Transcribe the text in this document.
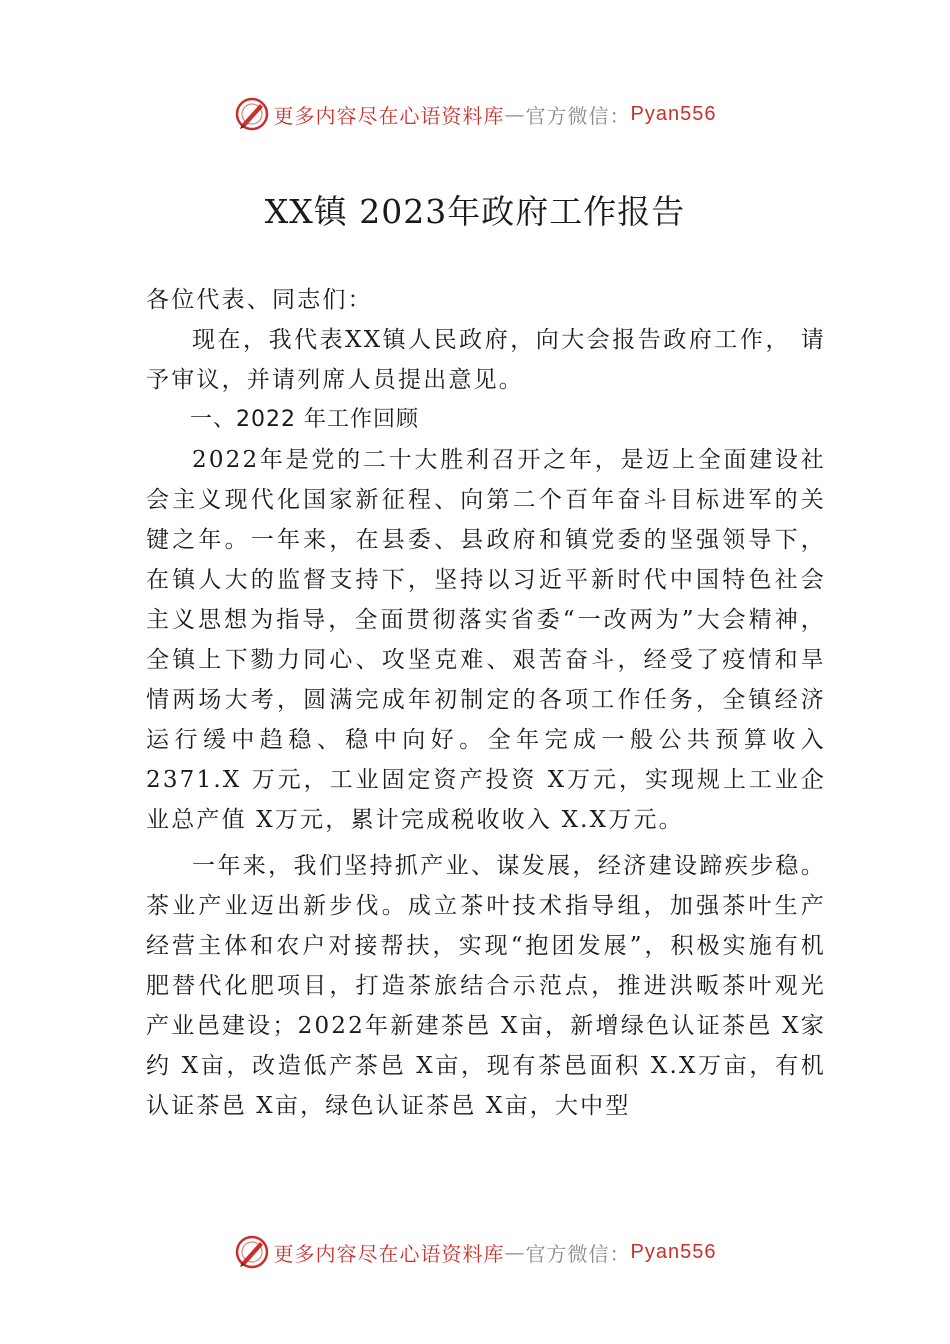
更多内容尽在心语资料库 — 官方微信： Pyan556
XX镇 2023年政府工作报告

各位代表、同志们：

现在，我代表XX镇人民政府，向大会报告政府工作， 请予审议，并请列席人员提出意见。

一、2022 年工作回顾

2022年是党的二十大胜利召开之年，是迈上全面建设社会主义现代化国家新征程、向第二个百年奋斗目标进军的关键之年。一年来，在县委、县政府和镇党委的坚强领导下， 在镇人大的监督支持下，坚持以习近平新时代中国特色社会主义思想为指导，全面贯彻落实省委“一改两为”大会精神， 全镇上下勠力同心、攻坚克难、艰苦奋斗，经受了疫情和旱情两场大考，圆满完成年初制定的各项工作任务，全镇经济运行缓中趋稳、稳中向好。全年完成一般公共预算收入2371.X 万元，工业固定资产投资 X万元，实现规上工业企业总产值 X万元，累计完成税收收入 X.X万元。

一年来，我们坚持抓产业、谋发展，经济建设蹄疾步稳。茶业产业迈出新步伐。成立茶叶技术指导组，加强茶叶生产经营主体和农户对接帮扶，实现“抱团发展”，积极实施有机肥替代化肥项目，打造茶旅结合示范点，推进洪畈茶叶观光产业⾢建设；2022年新建茶⾢ X亩，新增绿色认证茶⾢ X家约 X亩，改造低产茶⾢ X亩，现有茶⾢面积 X.X万亩，有机认证茶⾢ X亩，绿色认证茶⾢ X亩，大中型

更多内容尽在心语资料库 — 官方微信： Pyan556
